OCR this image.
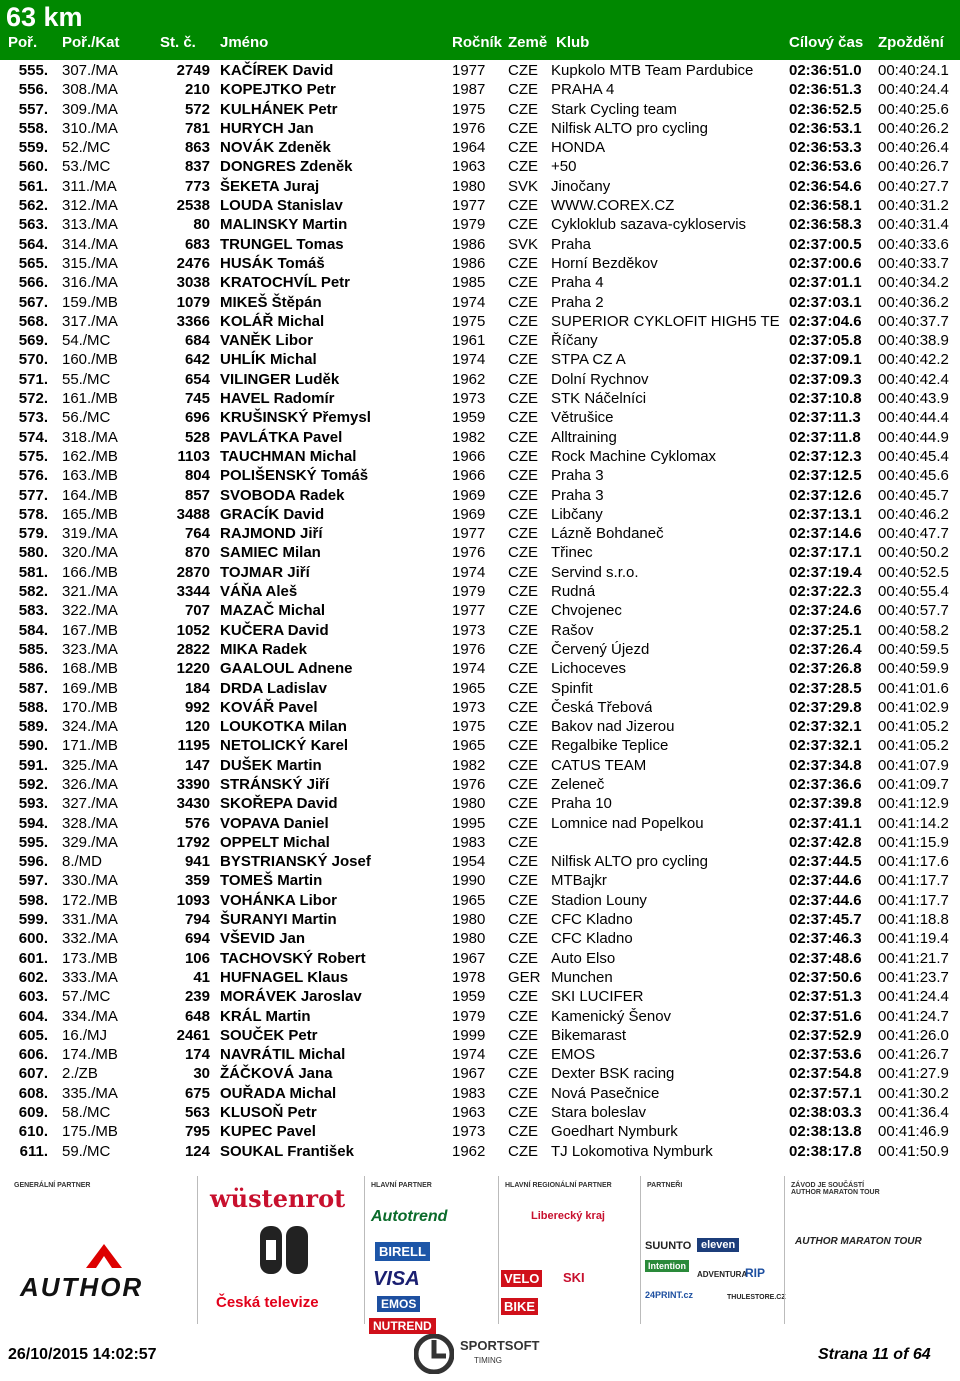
63 km
Poř. Poř./Kat	St. č. Jméno	Ročník Země Klub	Cílový čas Zpoždění
555. 307./MA	2749 KAČÍREK David	1977 CZE Kupkolo MTB Team Pardubice 02:36:51.0 00:40:24.1
556. 308./MA	210 KOPEJTKO Petr	1987 CZE PRAHA 4	02:36:51.3 00:40:24.4
557. 309./MA	572 KULHÁNEK Petr	1975 CZE Stark Cycling team	02:36:52.5 00:40:25.6
558. 310./MA	781 HURYCH Jan	1976 CZE Nilfisk ALTO pro cycling	02:36:53.1 00:40:26.2
559. 52./MC	863 NOVÁK Zdeněk	1964 CZE HONDA	02:36:53.3 00:40:26.4
560. 53./MC	837 DONGRES Zdeněk	1963 CZE +50	02:36:53.6 00:40:26.7
561. 311./MA	773 ŠEKETA Juraj	1980 SVK Jinočany	02:36:54.6 00:40:27.7
562. 312./MA	2538 LOUDA Stanislav	1977 CZE WWW.COREX.CZ	02:36:58.1 00:40:31.2
563. 313./MA	80 MALINSKY Martin	1979 CZE Cykloklub sazava-cykloservis	02:36:58.3 00:40:31.4
564. 314./MA	683 TRUNGEL Tomas	1986 SVK Praha	02:37:00.5 00:40:33.6
565. 315./MA	2476 HUSÁK Tomáš	1986 CZE Horní Bezděkov	02:37:00.6 00:40:33.7
566. 316./MA	3038 KRATOCHVÍL Petr	1985 CZE Praha 4	02:37:01.1 00:40:34.2
567. 159./MB	1079 MIKEŠ Štěpán	1974 CZE Praha 2	02:37:03.1 00:40:36.2
568. 317./MA	3366 KOLÁŘ Michal	1975 CZE SUPERIOR CYKLOFIT HIGH5 TE 02:37:04.6 00:40:37.7
569. 54./MC	684 VANĚK Libor	1961 CZE Říčany	02:37:05.8 00:40:38.9
570. 160./MB	642 UHLÍK Michal	1974 CZE STPA CZ A	02:37:09.1 00:40:42.2
571. 55./MC	654 VILINGER Luděk	1962 CZE Dolní Rychnov	02:37:09.3 00:40:42.4
572. 161./MB	745 HAVEL Radomír	1973 CZE STK Náčelníci	02:37:10.8 00:40:43.9
573. 56./MC	696 KRUŠINSKÝ Přemysl	1959 CZE Větrušice	02:37:11.3 00:40:44.4
574. 318./MA	528 PAVLÁTKA Pavel	1982 CZE Alltraining	02:37:11.8 00:40:44.9
575. 162./MB	1103 TAUCHMAN Michal	1966 CZE Rock Machine Cyklomax	02:37:12.3 00:40:45.4
576. 163./MB	804 POLIŠENSKÝ Tomáš	1966 CZE Praha 3	02:37:12.5 00:40:45.6
577. 164./MB	857 SVOBODA Radek	1969 CZE Praha 3	02:37:12.6 00:40:45.7
578. 165./MB	3488 GRACÍK David	1969 CZE Libčany	02:37:13.1 00:40:46.2
579. 319./MA	764 RAJMOND Jiří	1977 CZE Lázně Bohdaneč	02:37:14.6 00:40:47.7
580. 320./MA	870 SAMIEC Milan	1976 CZE Třinec	02:37:17.1 00:40:50.2
581. 166./MB	2870 TOJMAR Jiří	1974 CZE Servind s.r.o.	02:37:19.4 00:40:52.5
582. 321./MA	3344 VÁŇA Aleš	1979 CZE Rudná	02:37:22.3 00:40:55.4
583. 322./MA	707 MAZAČ Michal	1977 CZE Chvojenec	02:37:24.6 00:40:57.7
584. 167./MB	1052 KUČERA David	1973 CZE Rašov	02:37:25.1 00:40:58.2
585. 323./MA	2822 MIKA Radek	1976 CZE Červený Újezd	02:37:26.4 00:40:59.5
586. 168./MB	1220 GAALOUL Adnene	1974 CZE Lichoceves	02:37:26.8 00:40:59.9
587. 169./MB	184 DRDA Ladislav	1965 CZE Spinfit	02:37:28.5 00:41:01.6
588. 170./MB	992 KOVÁŘ Pavel	1973 CZE Česká Třebová	02:37:29.8 00:41:02.9
589. 324./MA	120 LOUKOTKA Milan	1975 CZE Bakov nad Jizerou	02:37:32.1 00:41:05.2
590. 171./MB	1195 NETOLICKÝ Karel	1965 CZE Regalbike Teplice	02:37:32.1 00:41:05.2
591. 325./MA	147 DUŠEK Martin	1982 CZE CATUS TEAM	02:37:34.8 00:41:07.9
592. 326./MA	3390 STRÁNSKÝ Jiří	1976 CZE Zeleneč	02:37:36.6 00:41:09.7
593. 327./MA	3430 SKOŘEPA David	1980 CZE Praha 10	02:37:39.8 00:41:12.9
594. 328./MA	576 VOPAVA Daniel	1995 CZE Lomnice nad Popelkou	02:37:41.1 00:41:14.2
595. 329./MA	1792 OPPELT Michal	1983 CZE	02:37:42.8 00:41:15.9
596. 8./MD	941 BYSTRIANSKÝ Josef	1954 CZE Nilfisk ALTO pro cycling	02:37:44.5 00:41:17.6
597. 330./MA	359 TOMEŠ Martin	1990 CZE MTBajkr	02:37:44.6 00:41:17.7
598. 172./MB	1093 VOHÁNKA Libor	1965 CZE Stadion Louny	02:37:44.6 00:41:17.7
599. 331./MA	794 ŠURANYI Martin	1980 CZE CFC Kladno	02:37:45.7 00:41:18.8
600. 332./MA	694 VŠEVID Jan	1980 CZE CFC Kladno	02:37:46.3 00:41:19.4
601. 173./MB	106 TACHOVSKÝ Robert	1967 CZE Auto Elso	02:37:48.6 00:41:21.7
602. 333./MA	41 HUFNAGEL Klaus	1978 GER Munchen	02:37:50.6 00:41:23.7
603. 57./MC	239 MORÁVEK Jaroslav	1959 CZE SKI LUCIFER	02:37:51.3 00:41:24.4
604. 334./MA	648 KRÁL Martin	1979 CZE Kamenický Šenov	02:37:51.6 00:41:24.7
605. 16./MJ	2461 SOUČEK Petr	1999 CZE Bikemarast	02:37:52.9 00:41:26.0
606. 174./MB	174 NAVRÁTIL Michal	1974 CZE EMOS	02:37:53.6 00:41:26.7
607. 2./ZB	30 ŽÁČKOVÁ Jana	1967 CZE Dexter BSK racing	02:37:54.8 00:41:27.9
608. 335./MA	675 OUŘADA Michal	1983 CZE Nová Pasečnice	02:37:57.1 00:41:30.2
609. 58./MC	563 KLUSOŇ Petr	1963 CZE Stara boleslav	02:38:03.3 00:41:36.4
610. 175./MB	795 KUPEC Pavel	1973 CZE Goedhart Nymburk	02:38:13.8 00:41:46.9
611. 59./MC	124 SOUKAL František	1962 CZE TJ Lokomotiva Nymburk	02:38:17.8 00:41:50.9
GENERÁLNÍ PARTNER
AUTHOR
wüstenrot
Česká televize
HLAVNÍ PARTNER
Autotrend
BIRELL
VISA
EMOS
NUTREND
HLAVNÍ REGIONÁLNÍ PARTNER
Liberecký kraj
VELO SKI
BIKE
PARTNEŘI
SUUNTO eleven
Intention
ADVENTURA
RIP
24PRINT.cz	THULESTORE.CZ
ZÁVOD JE SOUČÁSTÍ AUTHOR MARATON TOUR
AUTHOR MARATON TOUR
26/10/2015 14:02:57
SPORTSOFT
TIMING	Strana 11 of 64
